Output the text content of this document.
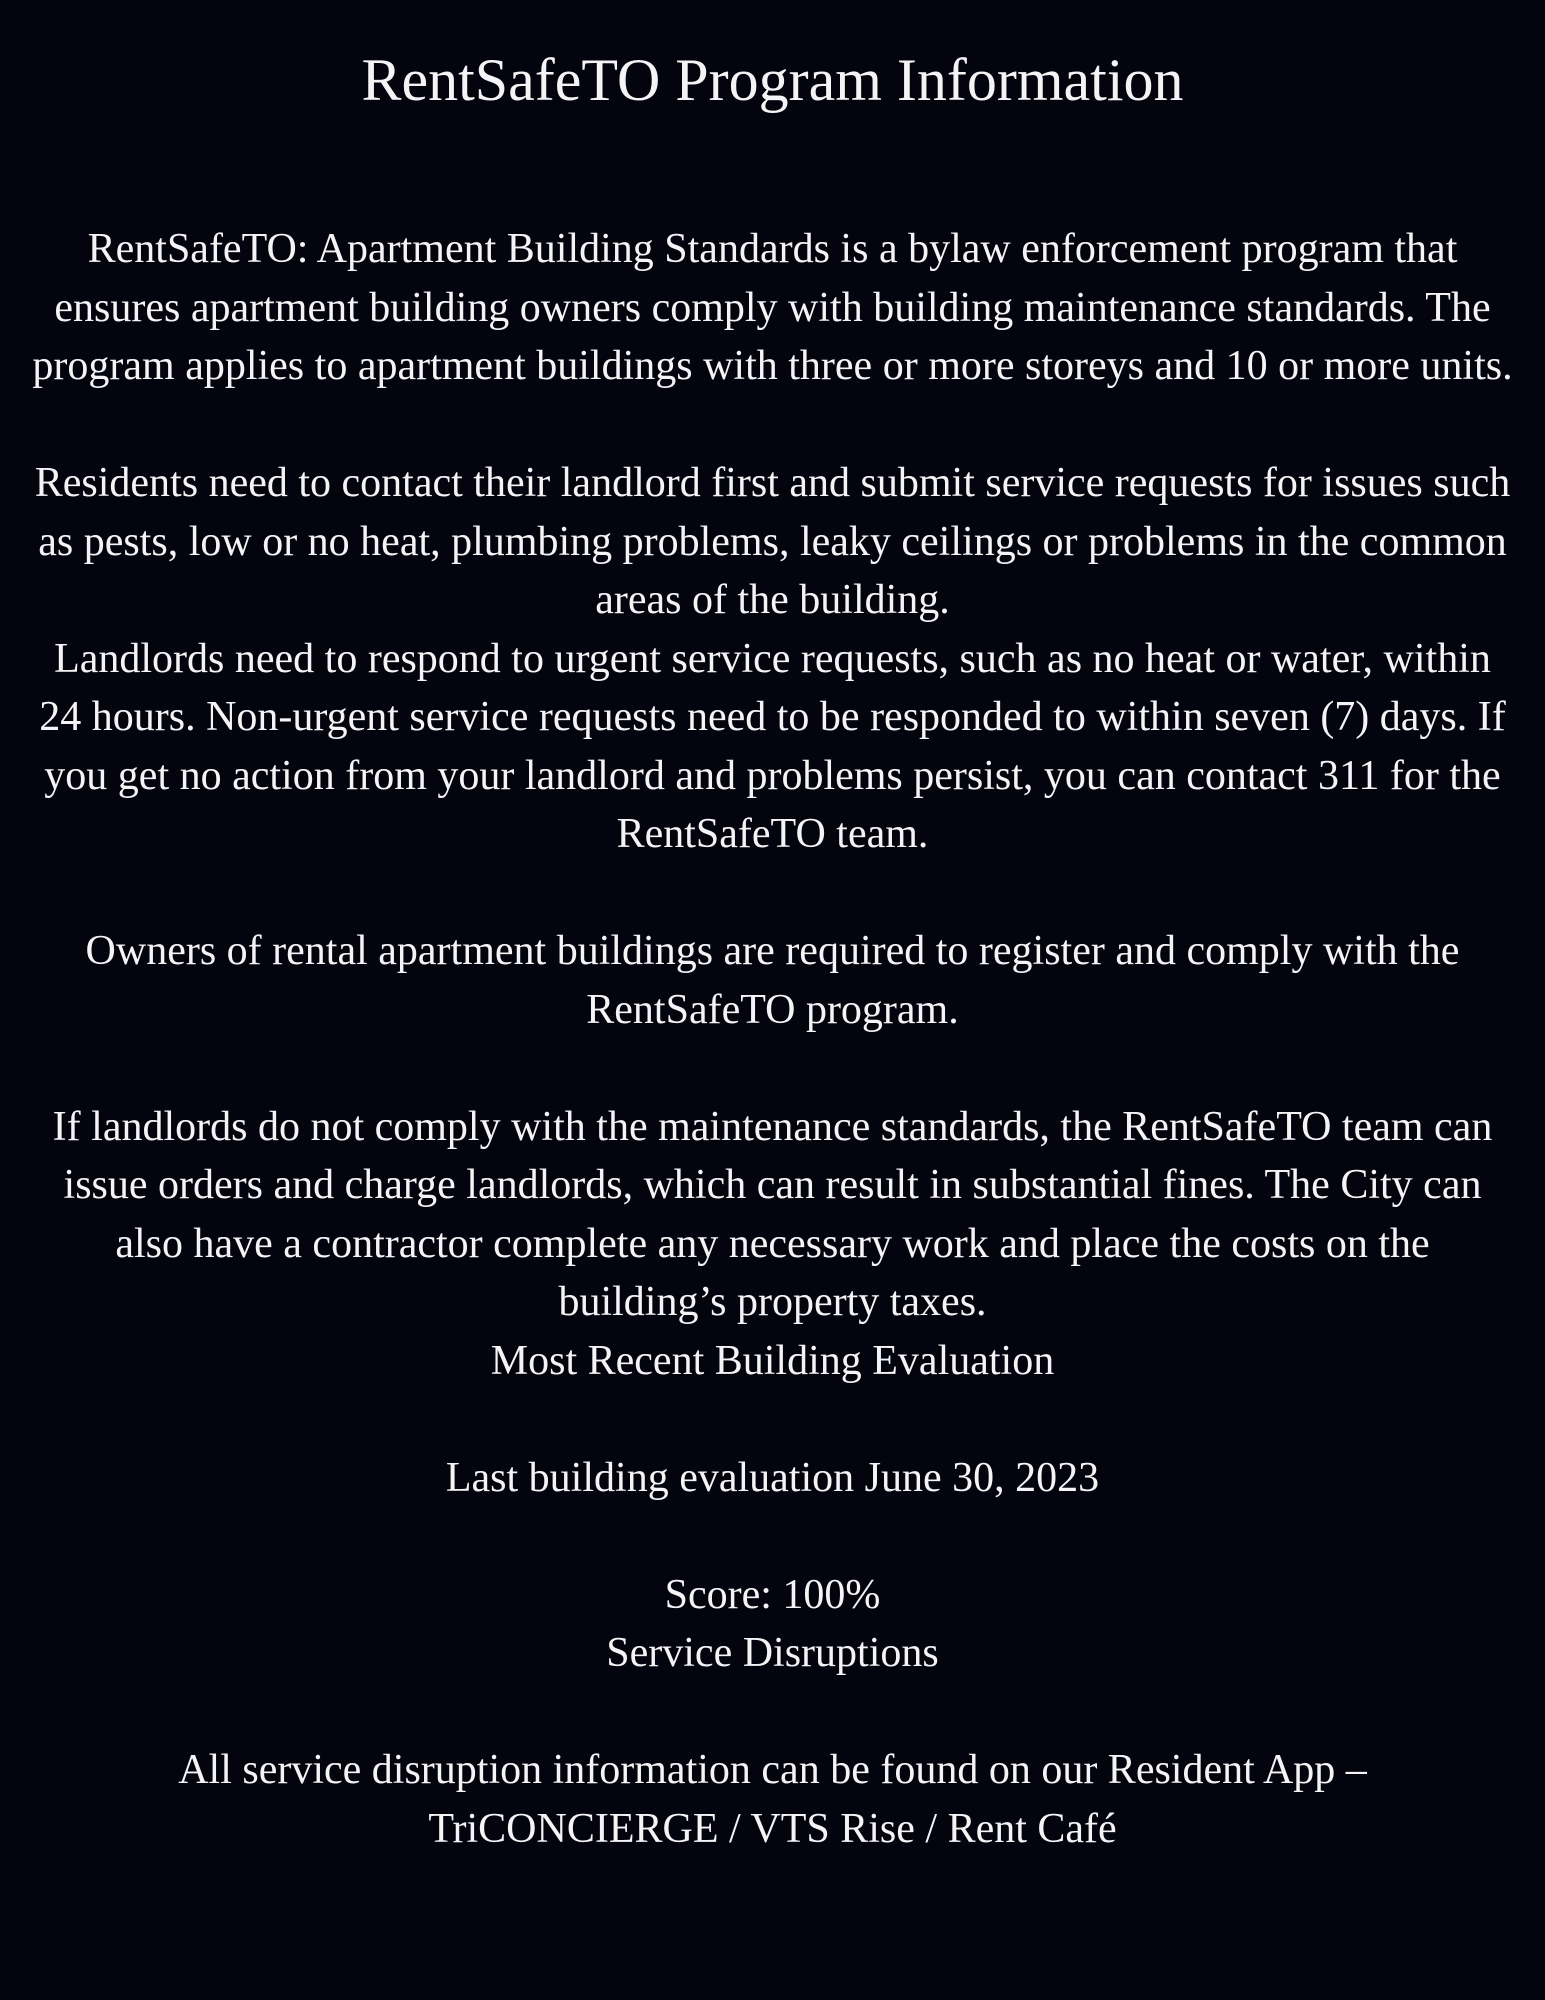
RentSafeTO Program Information

RentSafeTO: Apartment Building Standards is a bylaw enforcement program that ensures apartment building owners comply with building maintenance standards. The program applies to apartment buildings with three or more storeys and 10 or more units.

Residents need to contact their landlord first and submit service requests for issues such as pests, low or no heat, plumbing problems, leaky ceilings or problems in the common areas of the building.

Landlords need to respond to urgent service requests, such as no heat or water, within 24 hours. Non-urgent service requests need to be responded to within seven (7) days. If you get no action from your landlord and problems persist, you can contact 311 for the RentSafeTO team.

Owners of rental apartment buildings are required to register and comply with the RentSafeTO program.

If landlords do not comply with the maintenance standards, the RentSafeTO team can issue orders and charge landlords, which can result in substantial fines. The City can also have a contractor complete any necessary work and place the costs on the building’s property taxes.

Most Recent Building Evaluation

Last building evaluation June 30, 2023

Score: 100%

Service Disruptions

All service disruption information can be found on our Resident App – TriCONCIERGE / VTS Rise / Rent Café
